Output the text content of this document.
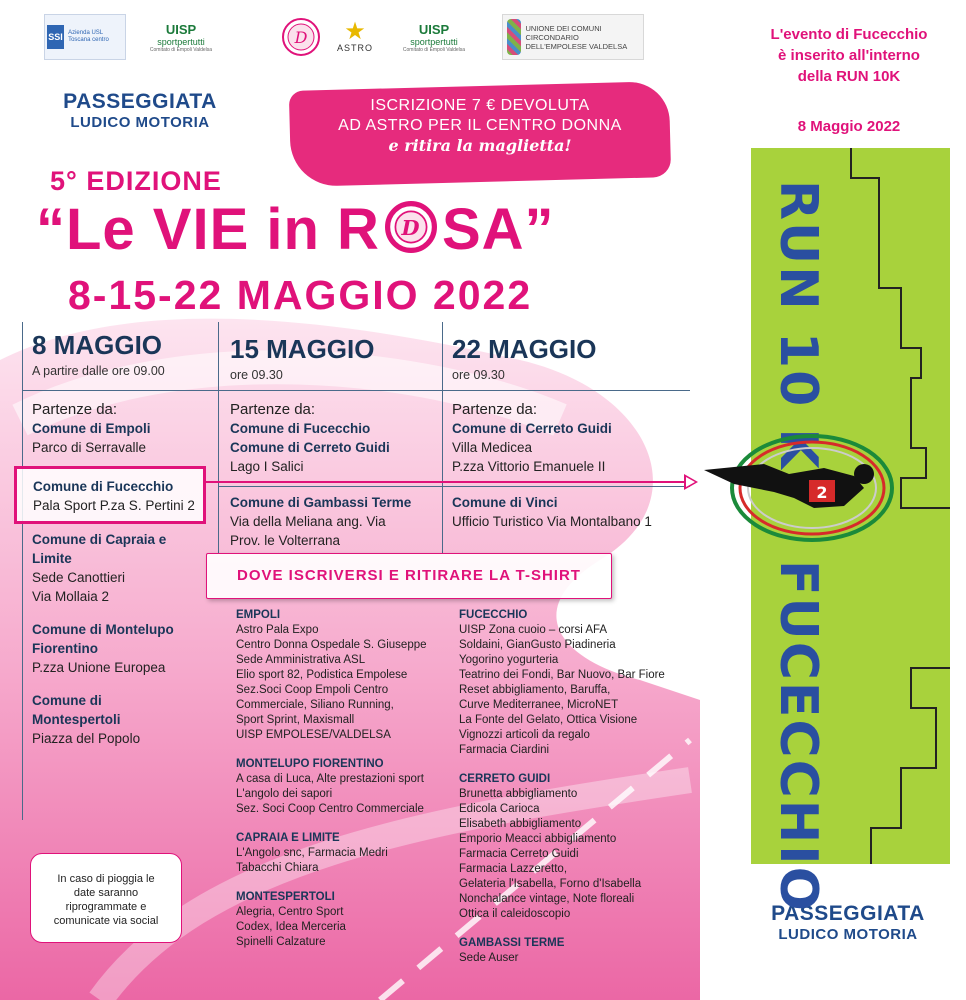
SSI Azienda USL Toscana centro
UISP
sportpertutti
Comitato di Empoli Valdelsa
D ★
ASTRO
UISP
sportpertutti
Comitato di Empoli Valdelsa
UNIONE DEI COMUNI CIRCONDARIO DELL'EMPOLESE VALDELSA
L'evento di Fucecchio
è inserito all'interno
della RUN 10K
8 Maggio 2022
PASSEGGIATA
LUDICO MOTORIA
ISCRIZIONE 7 € DEVOLUTA
AD ASTRO PER IL CENTRO DONNA
e ritira la maglietta!
5° EDIZIONE
“Le VIE in R D SA”
8-15-22 MAGGIO 2022
8 MAGGIO
A partire dalle ore 09.00
15 MAGGIO
ore 09.30
22 MAGGIO
ore 09.30
Partenze da:
Comune di Empoli
Parco di Serravalle
Comune di Fucecchio
Pala Sport P.za S. Pertini 2
Comune di Capraia e
Limite
Sede Canottieri
Via Mollaia 2
Comune di Montelupo
Fiorentino
P.zza Unione Europea
Comune di
Montespertoli
Piazza del Popolo
Partenze da:
Comune di Fucecchio
Comune di Cerreto Guidi
Lago I Salici
Comune di Gambassi Terme
Via della Meliana ang. Via
Prov. le Volterrana
Partenze da:
Comune di Cerreto Guidi
Villa Medicea
P.zza Vittorio Emanuele II
Comune di Vinci
Ufficio Turistico Via Montalbano 1
DOVE ISCRIVERSI E RITIRARE LA T-SHIRT
EMPOLI
Astro Pala Expo
Centro Donna Ospedale S. Giuseppe
Sede Amministrativa ASL
Elio sport 82, Podistica Empolese
Sez.Soci Coop Empoli Centro
Commerciale, Siliano Running,
Sport Sprint, Maxismall
UISP EMPOLESE/VALDELSA
MONTELUPO FIORENTINO
A casa di Luca, Alte prestazioni sport
L'angolo dei sapori
Sez. Soci Coop Centro Commerciale
CAPRAIA E LIMITE
L'Angolo snc, Farmacia Medri
Tabacchi Chiara
MONTESPERTOLI
Alegria, Centro Sport
Codex, Idea Merceria
Spinelli Calzature
FUCECCHIO
UISP Zona cuoio – corsi AFA
Soldaini, GianGusto Piadineria
Yogorino yogurteria
Teatrino dei Fondi, Bar Nuovo, Bar Fiore
Reset abbigliamento, Baruffa,
Curve Mediterranee, MicroNET
La Fonte del Gelato, Ottica Visione
Vignozzi articoli da regalo
Farmacia Ciardini
CERRETO GUIDI
Brunetta abbigliamento
Edicola Carioca
Elisabeth abbigliamento
Emporio Meacci abbigliamento
Farmacia Cerreto Guidi
Farmacia Lazzeretto,
Gelateria l'Isabella, Forno d'Isabella
Nonchalance vintage, Note floreali
Ottica il caleidoscopio
GAMBASSI TERME
Sede Auser
In caso di pioggia le
date saranno
riprogrammate e
comunicate via social
RUN 10 K
FUCECCHIO
2
PASSEGGIATA
LUDICO MOTORIA
